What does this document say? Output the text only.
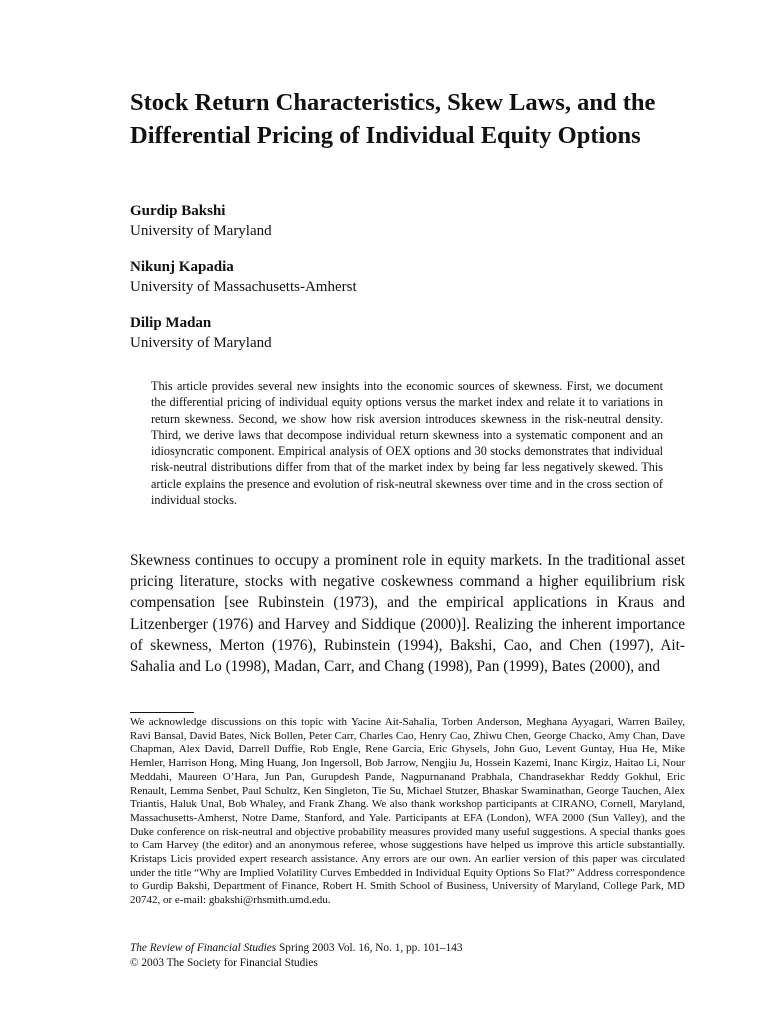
Stock Return Characteristics, Skew Laws, and the Differential Pricing of Individual Equity Options
Gurdip Bakshi
University of Maryland
Nikunj Kapadia
University of Massachusetts-Amherst
Dilip Madan
University of Maryland

This article provides several new insights into the economic sources of skewness. First, we document the differential pricing of individual equity options versus the market index and relate it to variations in return skewness. Second, we show how risk aversion introduces skewness in the risk-neutral density. Third, we derive laws that decompose individual return skewness into a systematic component and an idiosyncratic component. Empirical analysis of OEX options and 30 stocks demonstrates that individual risk-neutral distributions differ from that of the market index by being far less negatively skewed. This article explains the presence and evolution of risk-neutral skewness over time and in the cross section of individual stocks.

Skewness continues to occupy a prominent role in equity markets. In the traditional asset pricing literature, stocks with negative coskewness command a higher equilibrium risk compensation [see Rubinstein (1973), and the empirical applications in Kraus and Litzenberger (1976) and Harvey and Siddique (2000)]. Realizing the inherent importance of skewness, Merton (1976), Rubinstein (1994), Bakshi, Cao, and Chen (1997), Ait-Sahalia and Lo (1998), Madan, Carr, and Chang (1998), Pan (1999), Bates (2000), and

We acknowledge discussions on this topic with Yacine Ait-Sahalia, Torben Anderson, Meghana Ayyagari, Warren Bailey, Ravi Bansal, David Bates, Nick Bollen, Peter Carr, Charles Cao, Henry Cao, Zhiwu Chen, George Chacko, Amy Chan, Dave Chapman, Alex David, Darrell Duffie, Rob Engle, Rene Garcia, Eric Ghysels, John Guo, Levent Guntay, Hua He, Mike Hemler, Harrison Hong, Ming Huang, Jon Ingersoll, Bob Jarrow, Nengjiu Ju, Hossein Kazemi, Inanc Kirgiz, Haitao Li, Nour Meddahi, Maureen O’Hara, Jun Pan, Gurupdesh Pande, Nagpurnanand Prabhala, Chandrasekhar Reddy Gokhul, Eric Renault, Lemma Senbet, Paul Schultz, Ken Singleton, Tie Su, Michael Stutzer, Bhaskar Swaminathan, George Tauchen, Alex Triantis, Haluk Unal, Bob Whaley, and Frank Zhang. We also thank workshop participants at CIRANO, Cornell, Maryland, Massachusetts-Amherst, Notre Dame, Stanford, and Yale. Participants at EFA (London), WFA 2000 (Sun Valley), and the Duke conference on risk-neutral and objective probability measures provided many useful suggestions. A special thanks goes to Cam Harvey (the editor) and an anonymous referee, whose suggestions have helped us improve this article substantially. Kristaps Licis provided expert research assistance. Any errors are our own. An earlier version of this paper was circulated under the title “Why are Implied Volatility Curves Embedded in Individual Equity Options So Flat?” Address correspondence to Gurdip Bakshi, Department of Finance, Robert H. Smith School of Business, University of Maryland, College Park, MD 20742, or e-mail: gbakshi@rhsmith.umd.edu.

The Review of Financial Studies Spring 2003 Vol. 16, No. 1, pp. 101–143
© 2003 The Society for Financial Studies
